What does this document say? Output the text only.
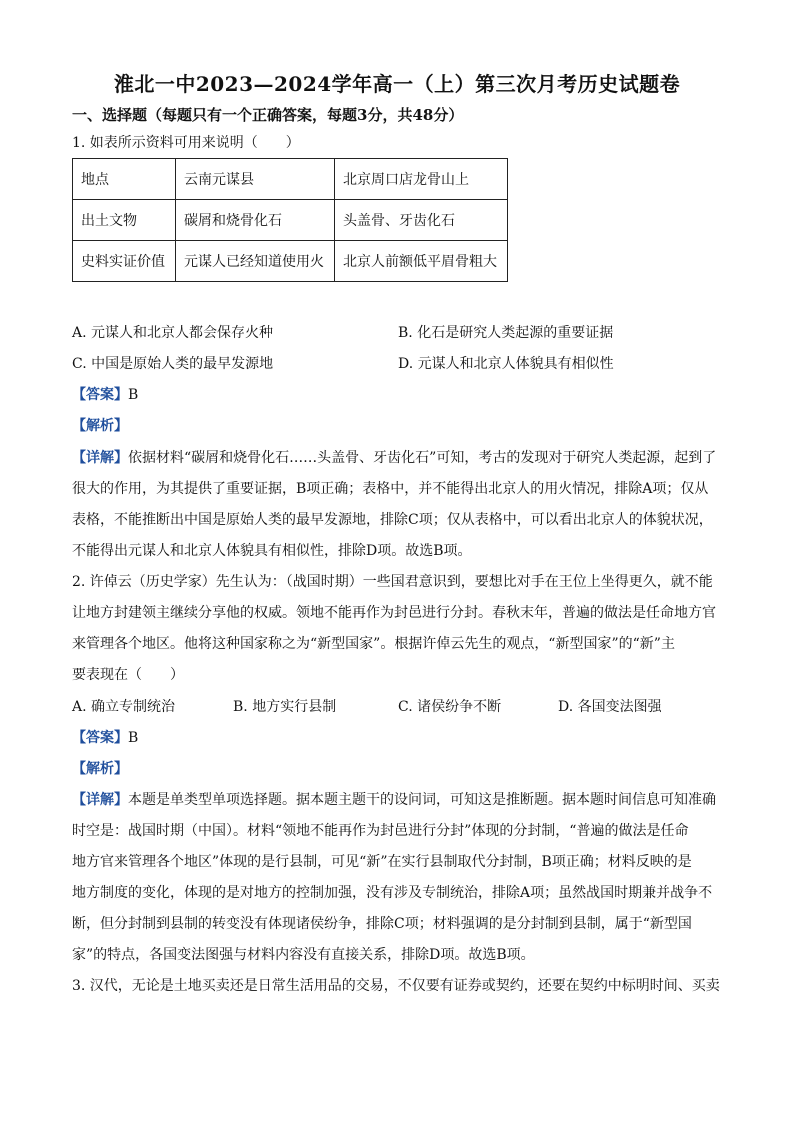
淮北一中2023—2024学年高一（上）第三次月考历史试题卷
一、选择题（每题只有一个正确答案，每题3分，共48分）
1. 如表所示资料可用来说明（　　）
地点	云南元谋县	北京周口店龙骨山上
出土文物	碳屑和烧骨化石	头盖骨、牙齿化石
史料实证价值	元谋人已经知道使用火	北京人前额低平眉骨粗大
A. 元谋人和北京人都会保存火种	B. 化石是研究人类起源的重要证据
C. 中国是原始人类的最早发源地	D. 元谋人和北京人体貌具有相似性
【答案】B
【解析】
【详解】依据材料“碳屑和烧骨化石……头盖骨、牙齿化石”可知，考古的发现对于研究人类起源，起到了
很大的作用，为其提供了重要证据，B项正确；表格中，并不能得出北京人的用火情况，排除A项；仅从
表格，不能推断出中国是原始人类的最早发源地，排除C项；仅从表格中，可以看出北京人的体貌状况，
不能得出元谋人和北京人体貌具有相似性，排除D项。故选B项。
2. 许倬云（历史学家）先生认为：（战国时期）一些国君意识到，要想比对手在王位上坐得更久，就不能
让地方封建领主继续分享他的权威。领地不能再作为封邑进行分封。春秋末年，普遍的做法是任命地方官
来管理各个地区。他将这种国家称之为“新型国家”。根据许倬云先生的观点，“新型国家”的“新”主
要表现在（　　）
A. 确立专制统治	B. 地方实行县制	C. 诸侯纷争不断	D. 各国变法图强
【答案】B
【解析】
【详解】本题是单类型单项选择题。据本题主题干的设问词，可知这是推断题。据本题时间信息可知准确
时空是：战国时期（中国）。材料“领地不能再作为封邑进行分封”体现的分封制，“普遍的做法是任命
地方官来管理各个地区”体现的是行县制，可见“新”在实行县制取代分封制，B项正确；材料反映的是
地方制度的变化，体现的是对地方的控制加强，没有涉及专制统治，排除A项；虽然战国时期兼并战争不
断，但分封制到县制的转变没有体现诸侯纷争，排除C项；材料强调的是分封制到县制，属于“新型国
家”的特点，各国变法图强与材料内容没有直接关系，排除D项。故选B项。
3. 汉代，无论是土地买卖还是日常生活用品的交易，不仅要有证券或契约，还要在契约中标明时间、买卖
